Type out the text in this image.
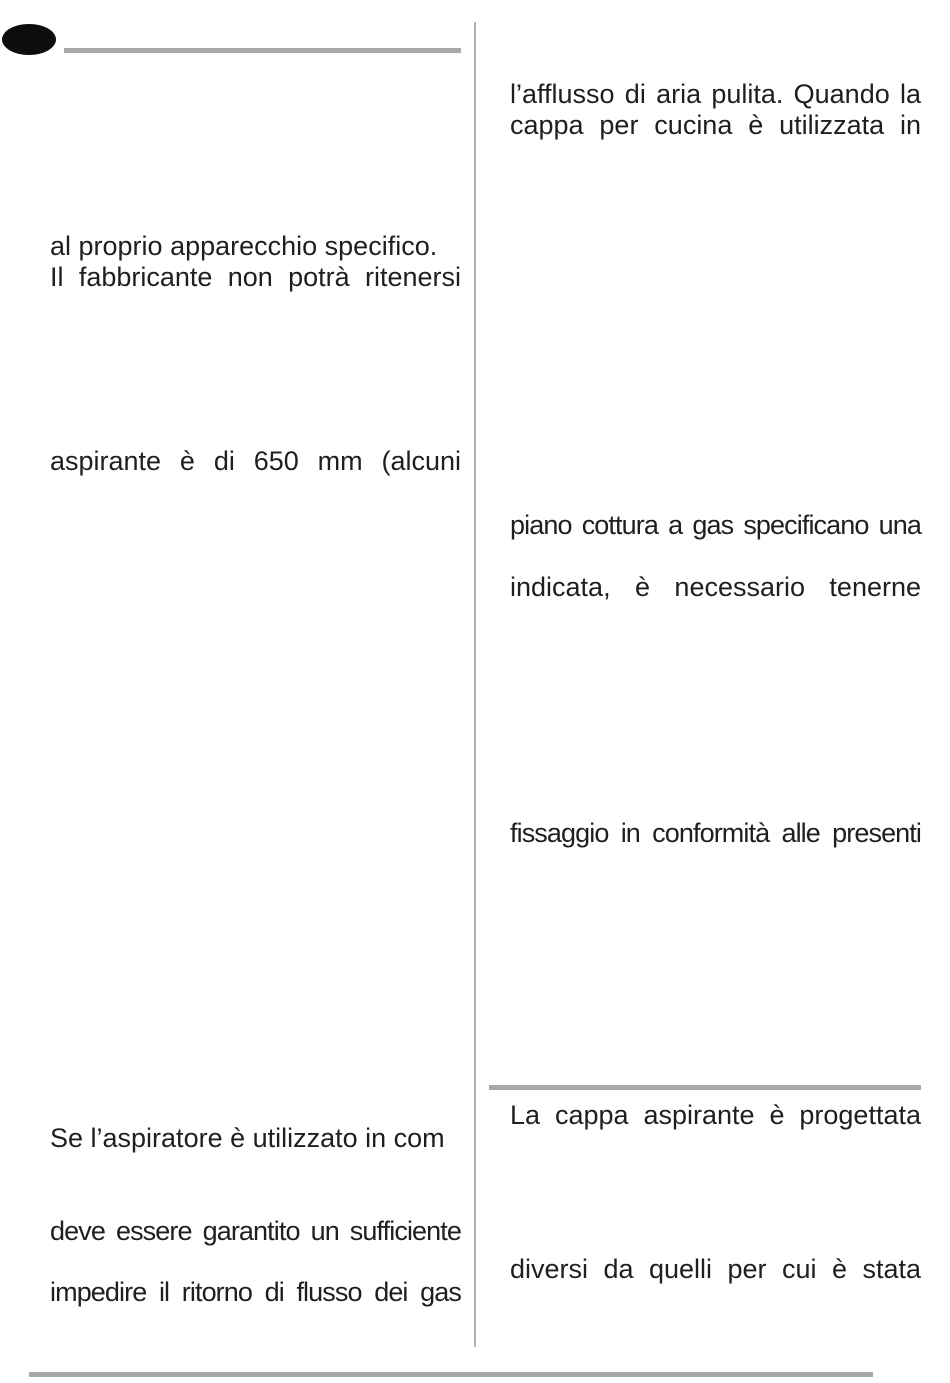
al proprio apparecchio specifico.
Il fabbricante non potrà ritenersi
aspirante è di 650 mm (alcuni
Se l’aspiratore è utilizzato in com
deve essere garantito un sufficiente
impedire il ritorno di flusso dei gas
l’afflusso di aria pulita. Quando la
cappa per cucina è utilizzata in
piano cottura a gas specificano una
indicata, è necessario tenerne
fissaggio in conformità alle presenti
La cappa aspirante è progettata
diversi da quelli per cui è stata
